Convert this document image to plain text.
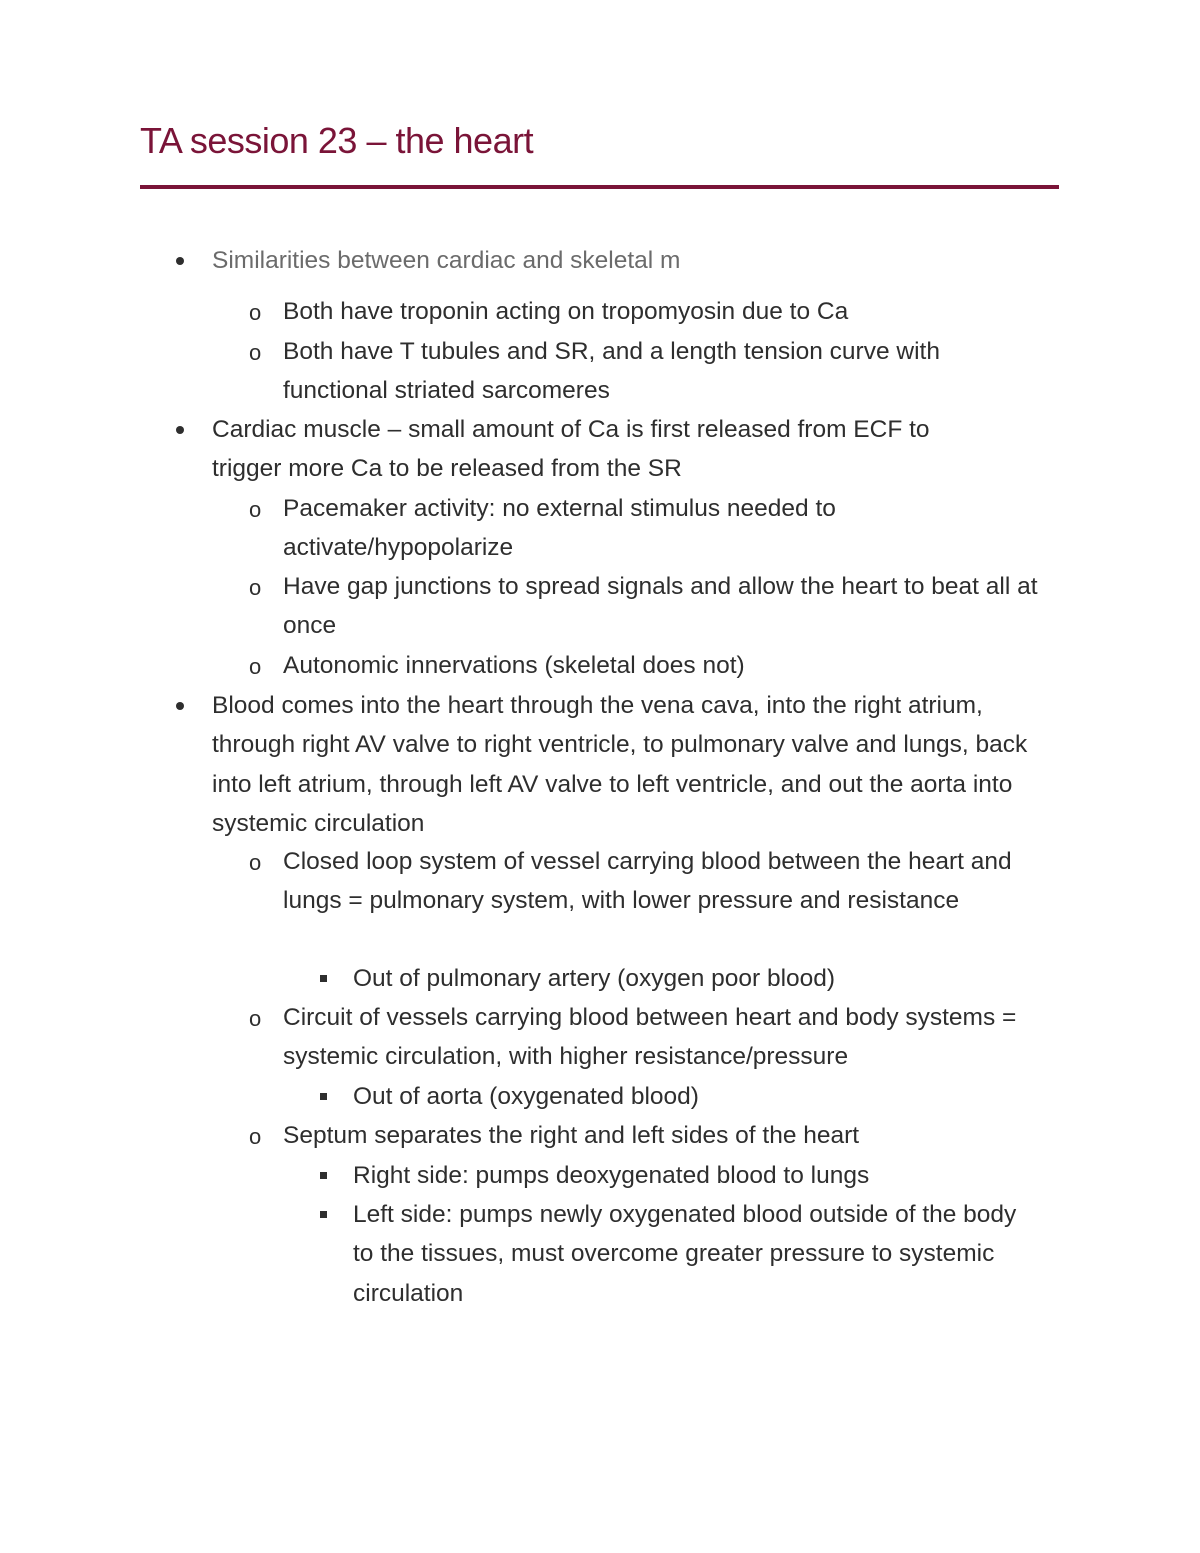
TA session 23 – the heart
Similarities between cardiac and skeletal m
o Both have troponin acting on tropomyosin due to Ca
o Both have T tubules and SR, and a length tension curve with functional striated sarcomeres
Cardiac muscle – small amount of Ca is first released from ECF to trigger more Ca to be released from the SR
o Pacemaker activity: no external stimulus needed to activate/hypopolarize
o Have gap junctions to spread signals and allow the heart to beat all at once
o Autonomic innervations (skeletal does not)
Blood comes into the heart through the vena cava, into the right atrium, through right AV valve to right ventricle, to pulmonary valve and lungs, back into left atrium, through left AV valve to left ventricle, and out the aorta into systemic circulation
o Closed loop system of vessel carrying blood between the heart and lungs = pulmonary system, with lower pressure and resistance
Out of pulmonary artery (oxygen poor blood)
o Circuit of vessels carrying blood between heart and body systems = systemic circulation, with higher resistance/pressure
Out of aorta (oxygenated blood)
o Septum separates the right and left sides of the heart
Right side: pumps deoxygenated blood to lungs
Left side: pumps newly oxygenated blood outside of the body to the tissues, must overcome greater pressure to systemic circulation
